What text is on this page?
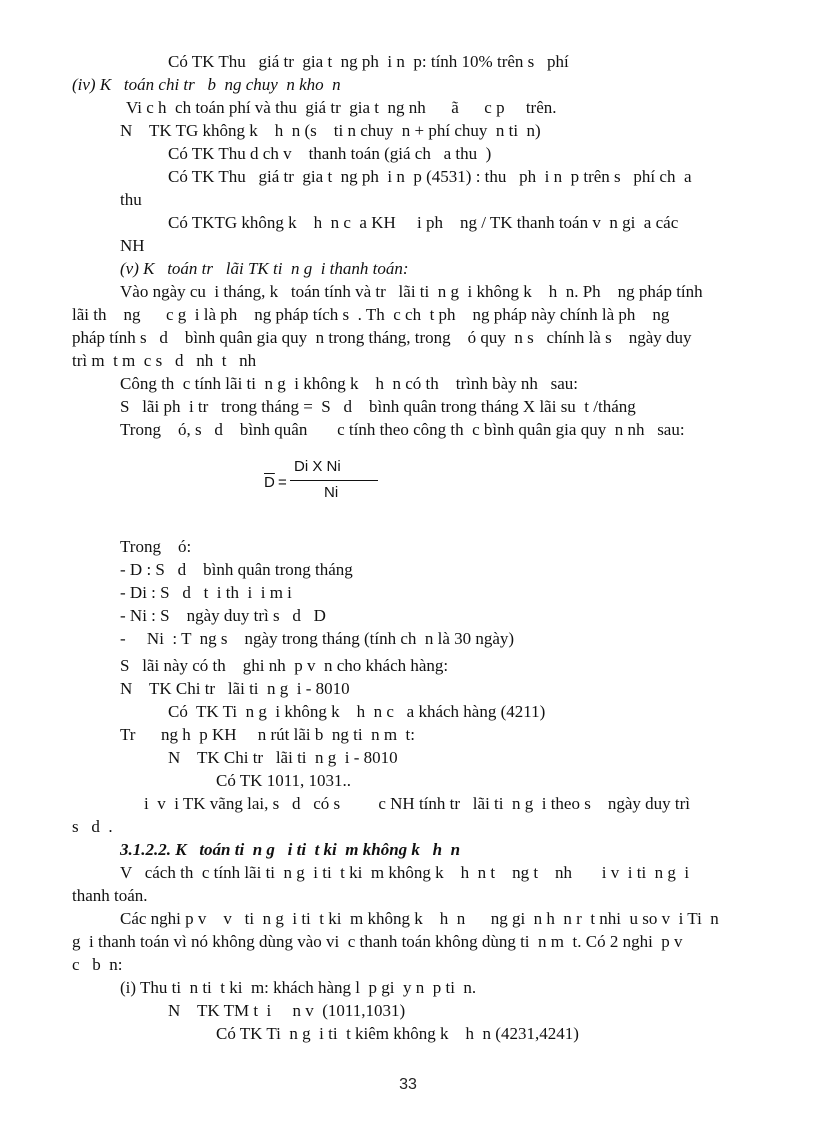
Có TK Thu   giá tr  gia t  ng ph  i n  p: tính 10% trên s   phí
(iv) K   toán chi tr   b  ng chuy  n kho  n
Vi c h  ch toán phí và thu  giá tr  gia t  ng nh      ã      c p     trên.
N    TK TG không k    h  n (s    ti n chuy  n + phí chuy  n ti  n)
Có TK Thu d ch v    thanh toán (giá ch   a thu  )
Có TK Thu   giá tr  gia t  ng ph  i n  p (4531) : thu   ph  i n  p trên s   phí ch  a
thu
Có TKTG không k    h  n c  a KH     i ph    ng / TK thanh toán v  n gi  a các
NH
(v) K   toán tr   lãi TK ti  n g  i thanh toán:
Vào ngày cu  i tháng, k   toán tính và tr   lãi ti  n g  i không k    h  n. Ph    ng pháp tính
lãi th    ng      c g  i là ph    ng pháp tích s  . Th  c ch  t ph    ng pháp này chính là ph    ng
pháp tính s   d    bình quân gia quy  n trong tháng, trong    ó quy  n s   chính là s    ngày duy
trì m  t m  c s   d   nh  t   nh
Công th  c tính lãi ti  n g  i không k    h  n có th    trình bày nh   sau:
S   lãi ph  i tr   trong tháng =  S   d    bình quân trong tháng X lãi su  t /tháng
Trong    ó, s   d    bình quân       c tính theo công th  c bình quân gia quy  n nh   sau:
$\overline{D}$ =
Di X Ni
Ni
Trong    ó:
- D : S   d    bình quân trong tháng
- Di : S   d   t  i th  i  i m i
- Ni : S    ngày duy trì s   d   D
-     Ni  : T  ng s    ngày trong tháng (tính ch  n là 30 ngày)
S   lãi này có th    ghi nh  p v  n cho khách hàng:
N    TK Chi tr   lãi ti  n g  i - 8010
Có  TK Ti  n g  i không k    h  n c   a khách hàng (4211)
Tr      ng h  p KH     n rút lãi b  ng ti  n m  t:
N    TK Chi tr   lãi ti  n g  i - 8010
Có TK 1011, 1031..
i  v  i TK vãng lai, s   d   có s         c NH tính tr   lãi ti  n g  i theo s    ngày duy trì
s   d  .
3.1.2.2. K   toán ti  n g   i ti  t ki  m không k   h  n
V   cách th  c tính lãi ti  n g  i ti  t ki  m không k    h  n t    ng t    nh       i v  i ti  n g  i
thanh toán.
Các nghi p v    v   ti  n g  i ti  t ki  m không k    h  n      ng gi  n h  n r  t nhi  u so v  i Ti  n
g  i thanh toán vì nó không dùng vào vi  c thanh toán không dùng ti  n m  t. Có 2 nghi  p v
c   b  n:
(i) Thu ti  n ti  t ki  m: khách hàng l  p gi  y n  p ti  n.
N    TK TM t  i     n v  (1011,1031)
Có TK Ti  n g  i ti  t kiêm không k    h  n (4231,4241)
33
